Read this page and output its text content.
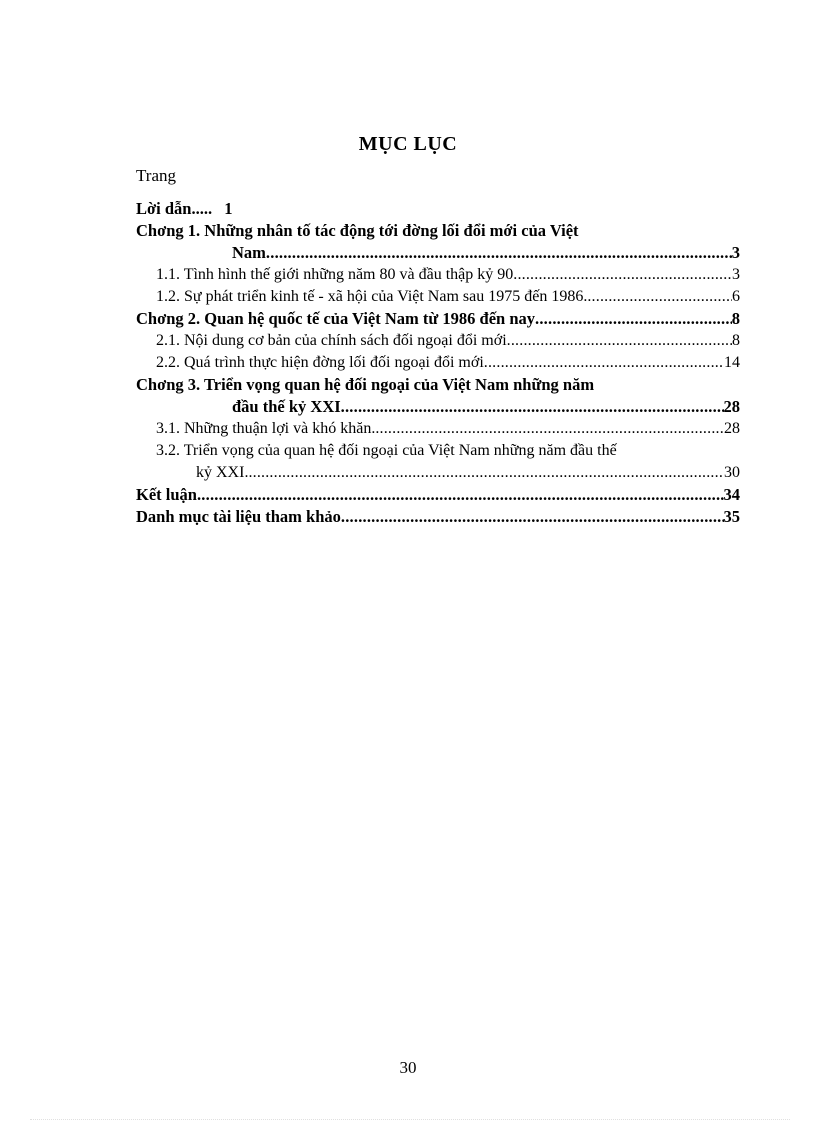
MỤC LỤC
Trang
Lời dẫn..... 1
Chơng 1. Những nhân tố tác động tới đờng lối đổi mới của Việt
Nam .....	3
1.1. Tình hình thế giới những năm 80 và đầu thập kỷ 90 .....	3
1.2. Sự phát triển kinh tế - xã hội của Việt Nam sau 1975 đến 1986. .....	6
Chơng 2. Quan hệ quốc tế của Việt Nam từ 1986 đến nay .....	8
2.1. Nội dung cơ bản của chính sách đối ngoại đổi mới .....	8
2.2. Quá trình thực hiện đờng lối đối ngoại đổi mới .....	14
Chơng 3. Triển vọng quan hệ đối ngoại của Việt Nam những năm
đầu thế kỷ XXI .....	28
3.1. Những thuận lợi và khó khăn. .....	28
3.2. Triển vọng của quan hệ đối ngoại của Việt Nam những năm đầu thế
kỷ XXI. .....	30
Kết luận .....	34
Danh mục tài liệu tham khảo .....	35
30
